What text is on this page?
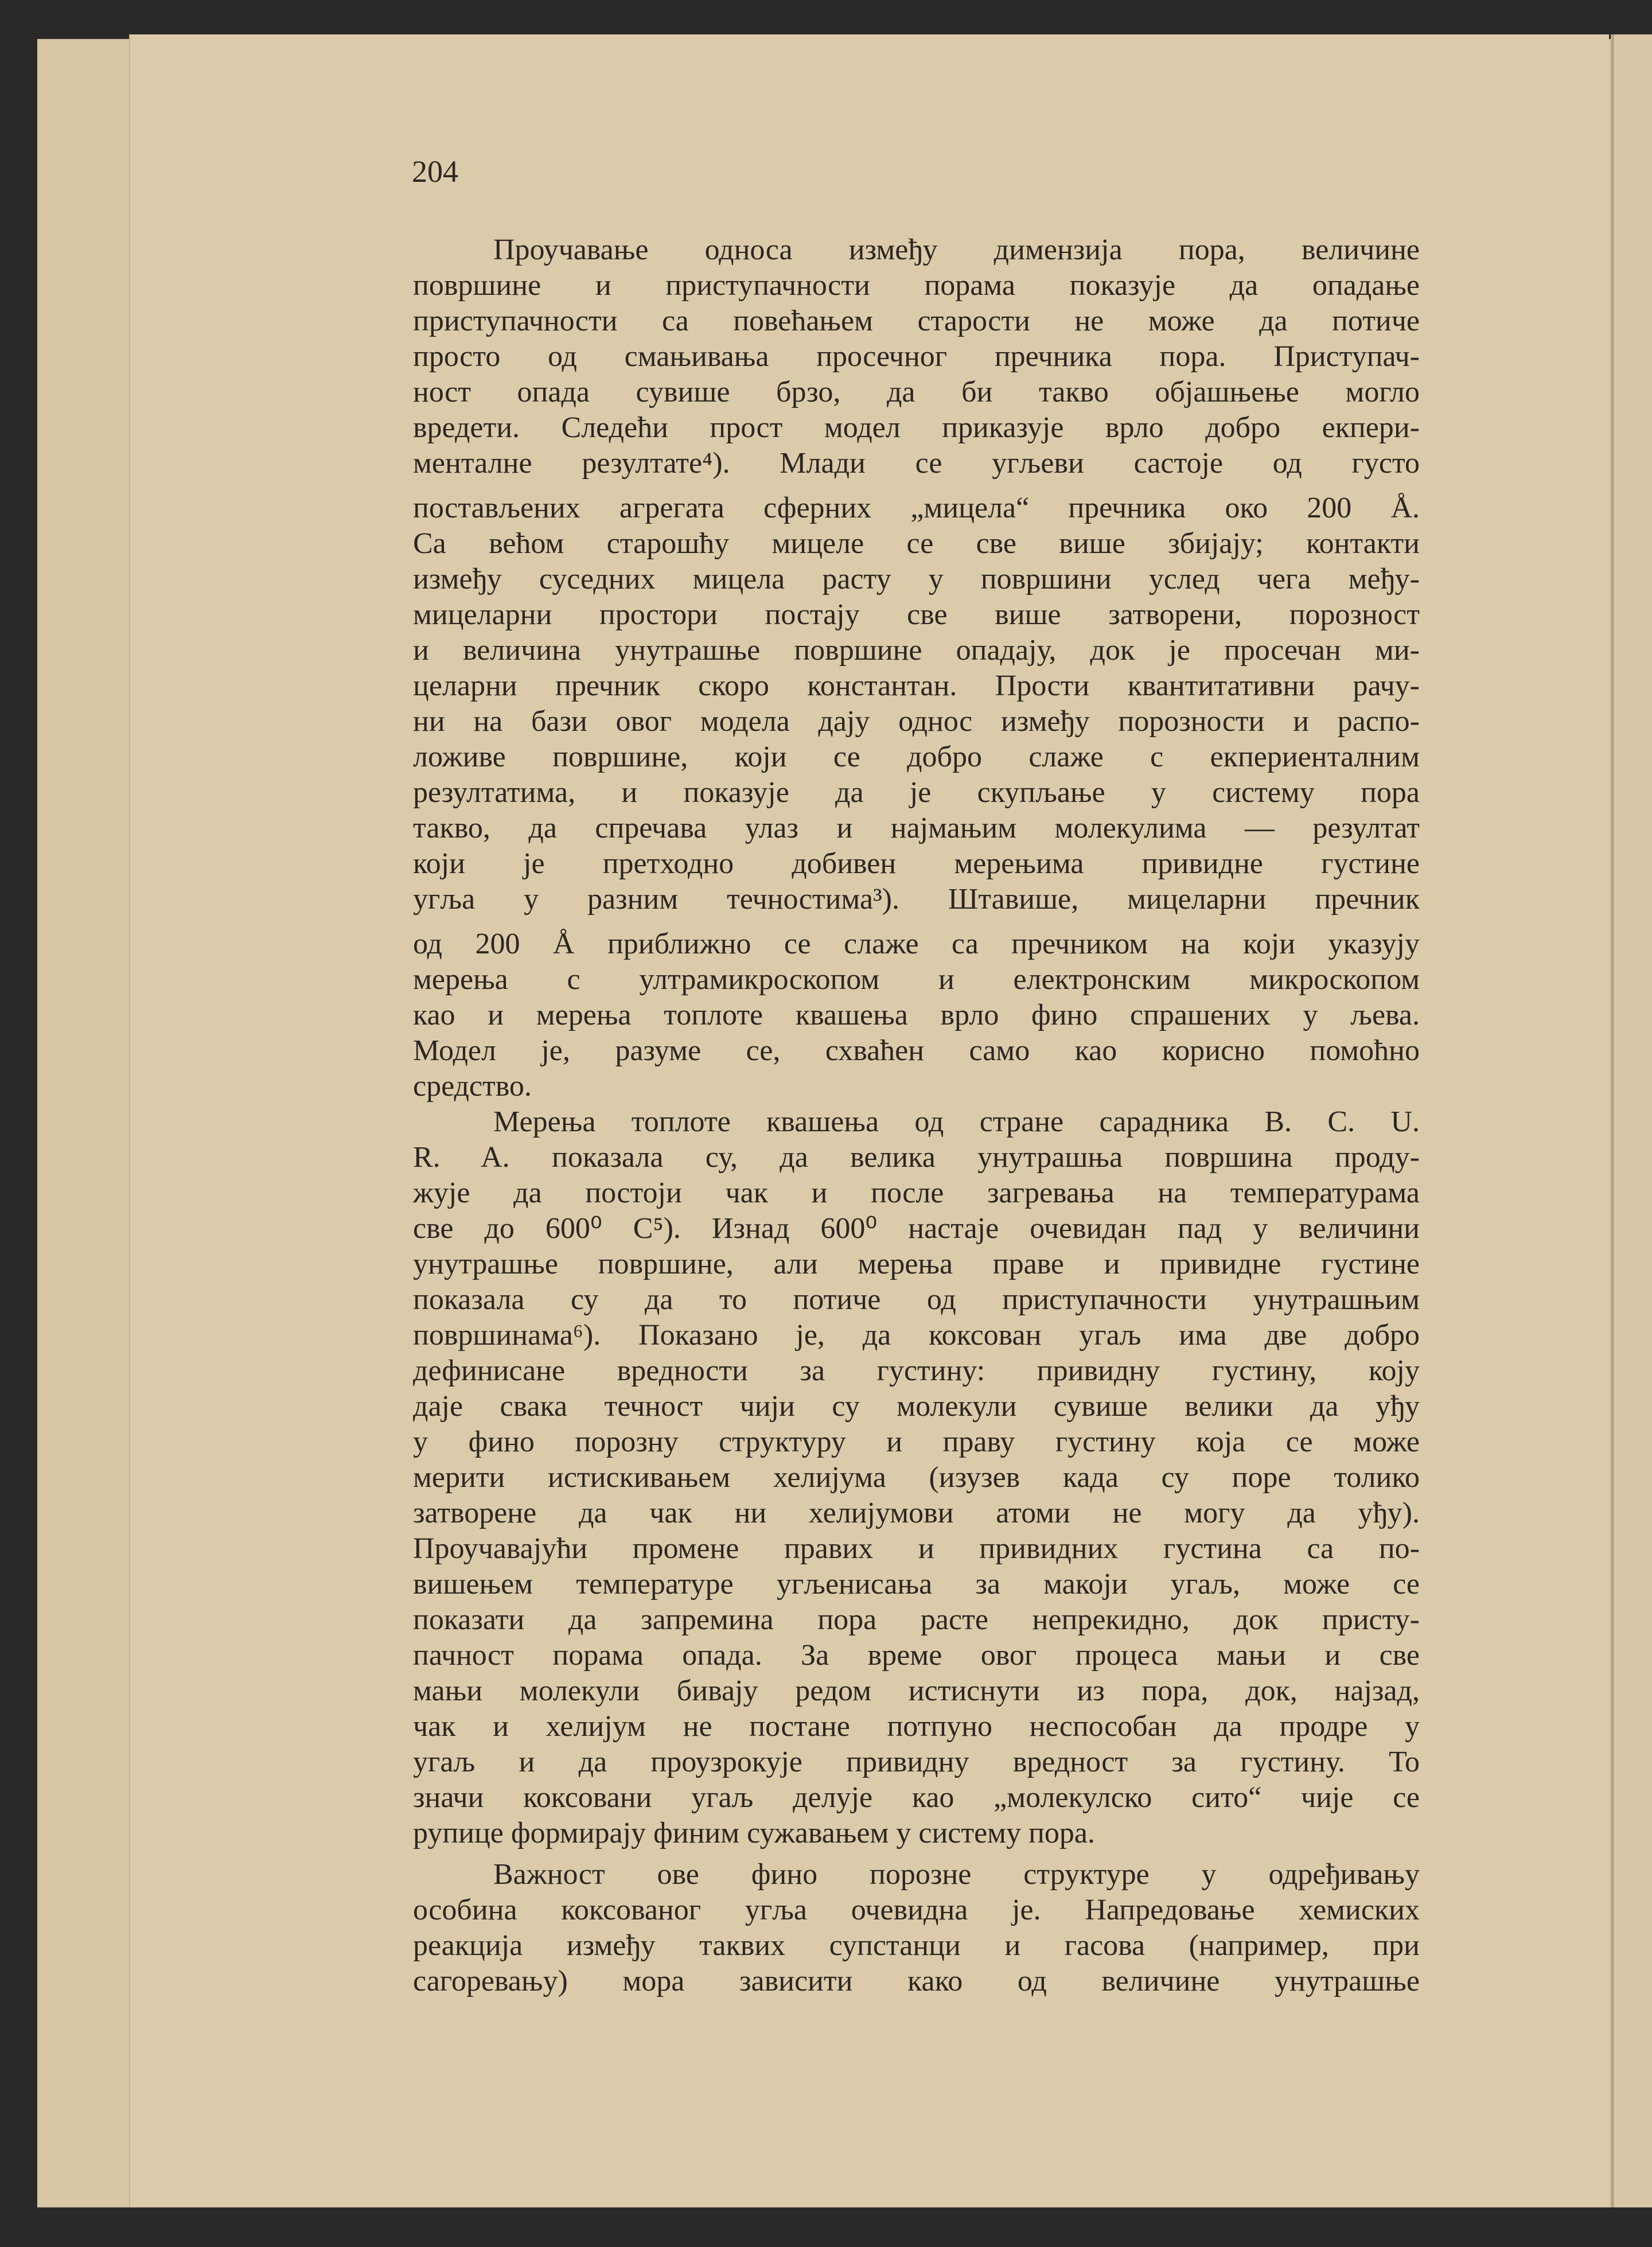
204
Проучавање односа између димензија пора, величине
површине и приступачности порама показује да опадање
приступачности са повећањем старости не може да потиче
просто од смањивања просечног пречника пора. Приступач-
ност опада сувише брзо, да би такво објашњење могло
вредети. Следећи прост модел приказује врло добро екпери-
менталне резултате⁴). Млади се угљеви састоје од густо
постављених агрегата сферних „мицела“ пречника око 200 Å.
Са већом старошћу мицеле се све више збијају; контакти
између суседних мицела расту у површини услед чега међу-
мицеларни простори постају све више затворени, порозност
и величина унутрашње површине опадају, док је просечан ми-
целарни пречник скоро константан. Прости квантитативни рачу-
ни на бази овог модела дају однос између порозности и распо-
ложиве површине, који се добро слаже с екпериенталним
резултатима, и показује да је скупљање у систему пора
такво, да спречава улаз и најмањим молекулима — резултат
који је претходно добивен мерењима привидне густине
угља у разним течностима³). Штавише, мицеларни пречник
од 200 Å приближно се слаже са пречником на који указују
мерења с ултрамикроскопом и електронским микроскопом
као и мерења топлоте квашења врло фино спрашених у љева.
Модел је, разуме се, схваћен само као корисно помоћно
средство.
Мерења топлоте квашења од стране сарадника B. C. U.
R. A. показала су, да велика унутрашња површина проду-
жује да постоји чак и после загревања на температурама
све до 600⁰ C⁵). Изнад 600⁰ настаје очевидан пад у величини
унутрашње површине, али мерења праве и привидне густине
показала су да то потиче од приступачности унутрашњим
површинама⁶). Показано је, да коксован угаљ има две добро
дефинисане вредности за густину: привидну густину, коју
даје свака течност чији су молекули сувише велики да уђу
у фино порозну структуру и праву густину која се може
мерити истискивањем хелијума (изузев када су поре толико
затворене да чак ни хелијумови атоми не могу да уђу).
Проучавајући промене правих и привидних густина са по-
вишењем температуре угљенисања за макоји угаљ, може се
показати да запремина пора расте непрекидно, док присту-
пачност порама опада. За време овог процеса мањи и све
мањи молекули бивају редом истиснути из пора, док, најзад,
чак и хелијум не постане потпуно неспособан да продре у
угаљ и да проузрокује привидну вредност за густину. То
значи коксовани угаљ делује као „молекулско сито“ чије се
рупице формирају финим сужавањем у систему пора.
Важност ове фино порозне структуре у одређивању
особина коксованог угља очевидна је. Напредовање хемиских
реакција између таквих супстанци и гасова (например, при
сагоревању) мора зависити како од величине унутрашње
